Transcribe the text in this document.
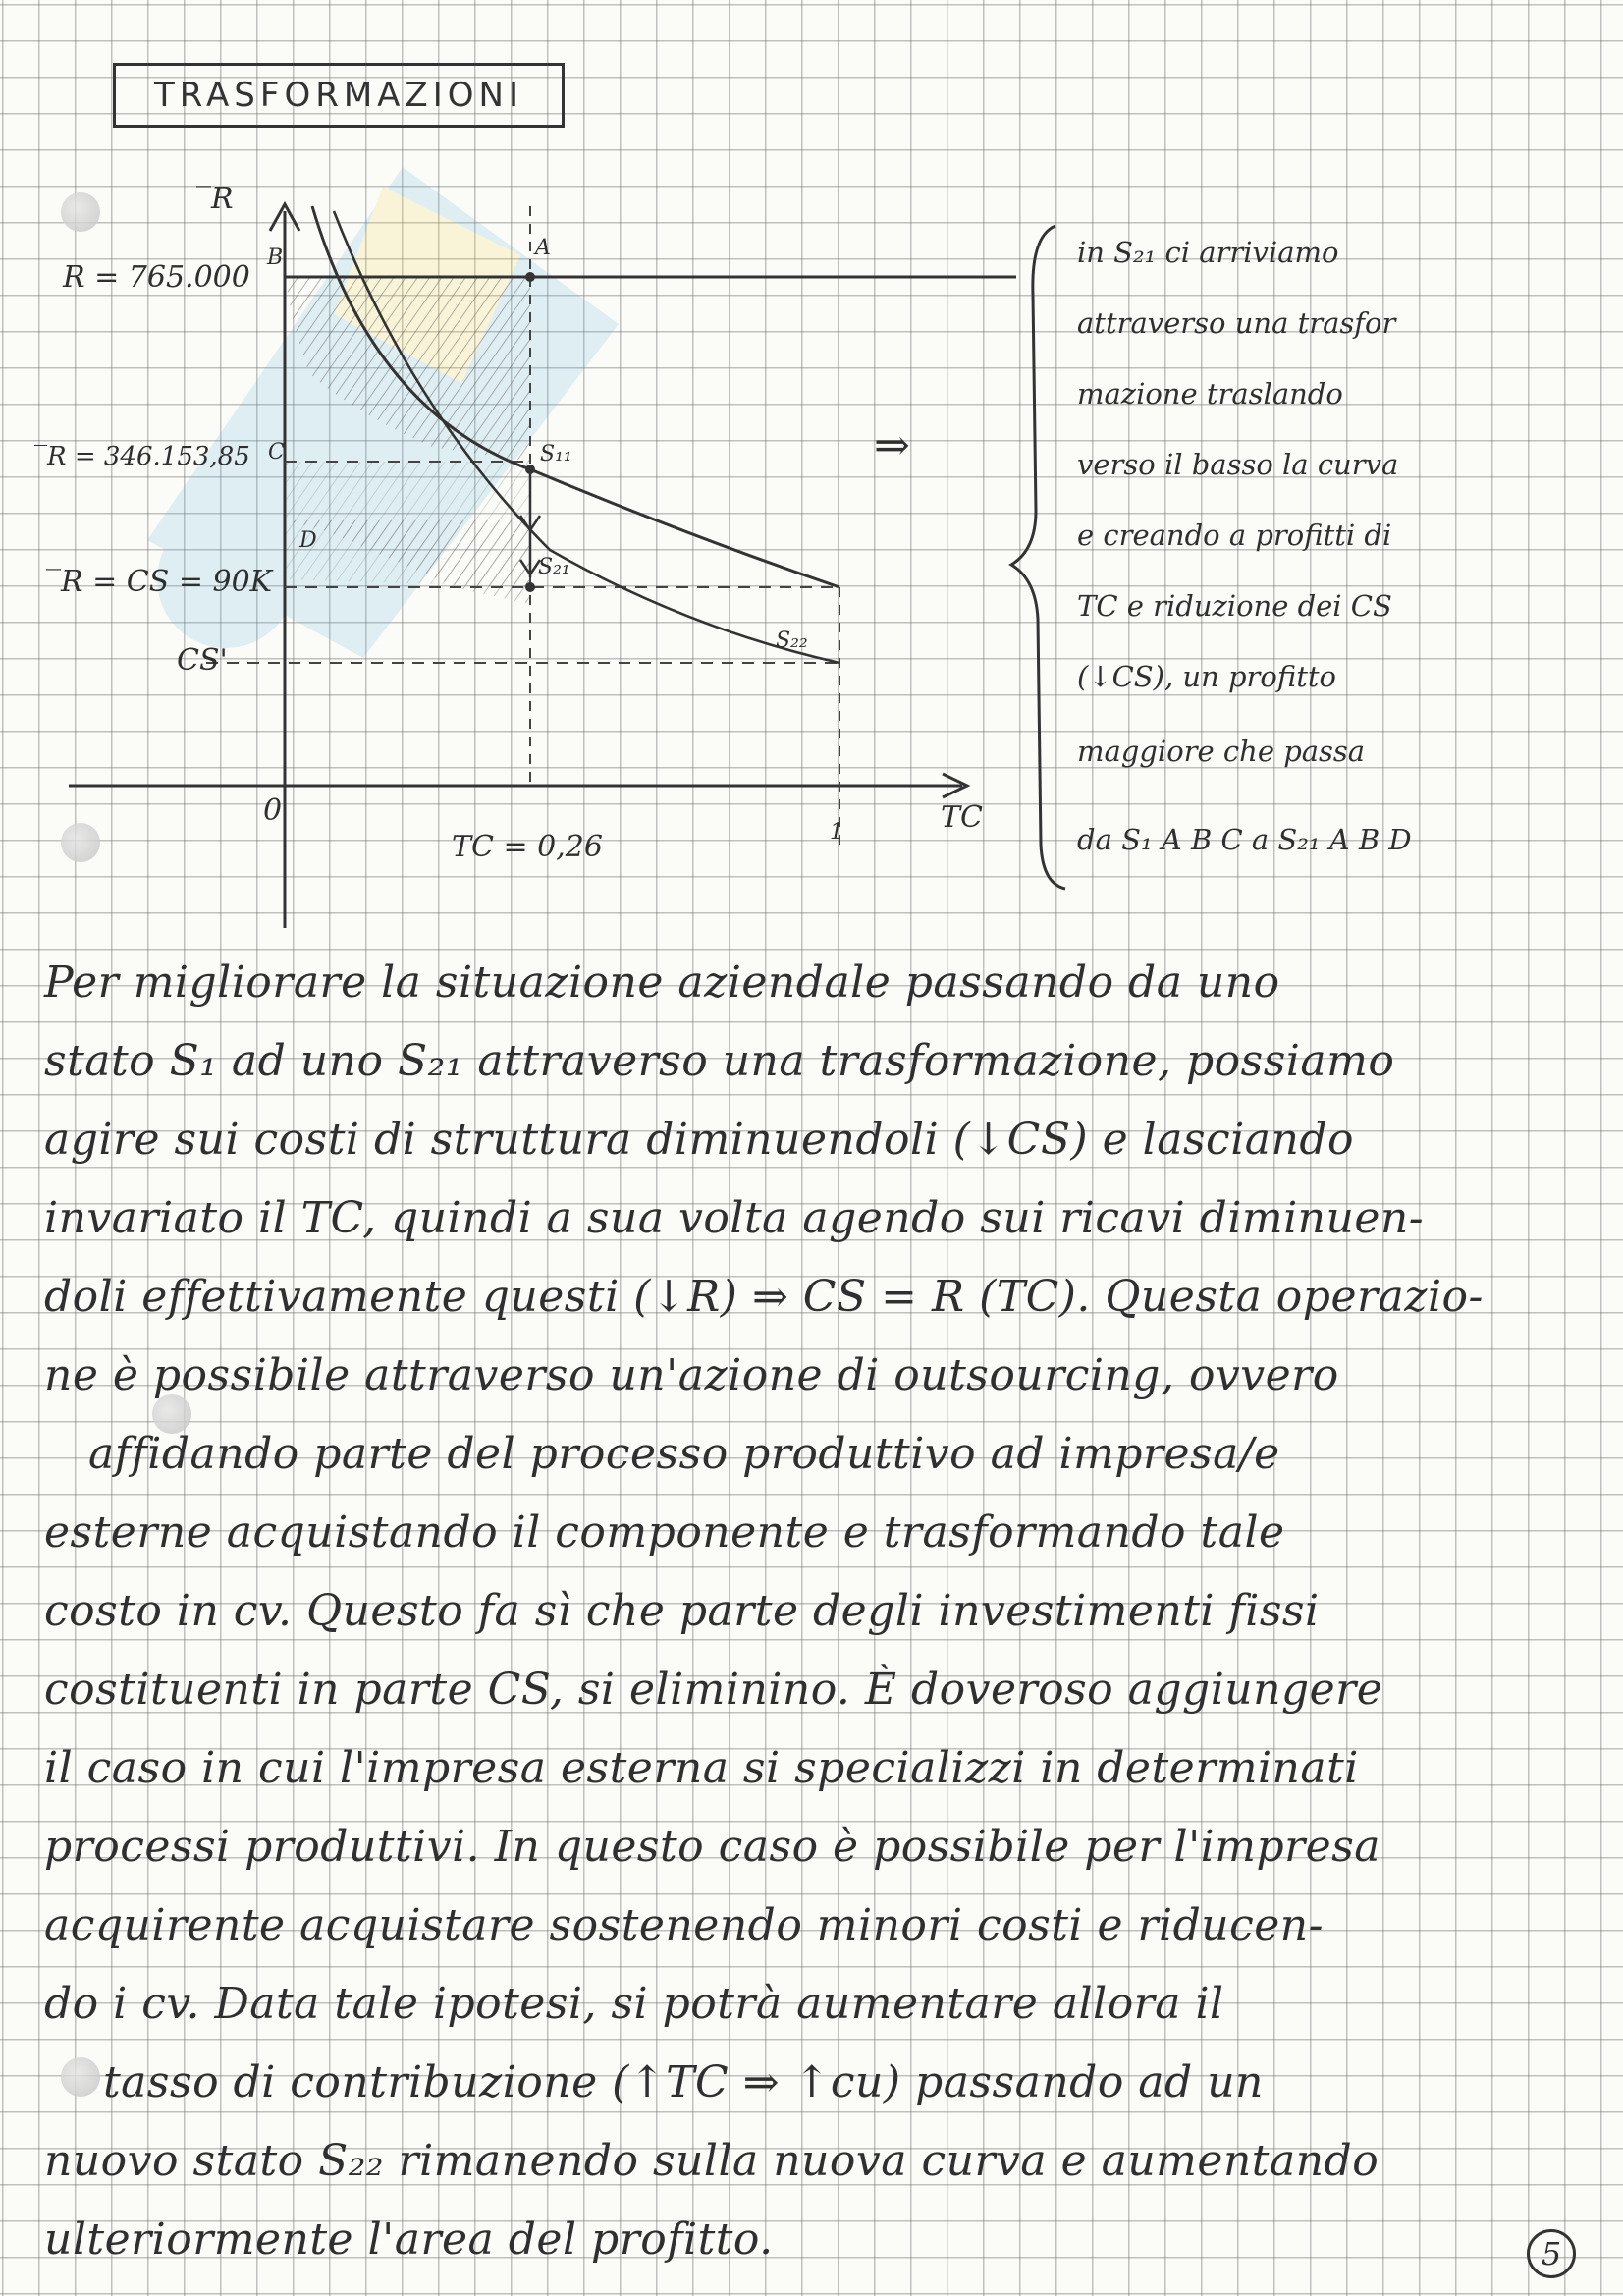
TRASFORMAZIONI
̅R
TC
0
R = 765.000
B	A
̅R = 346.153,85 C
D
̅R = CS = 90K
CS'
S₁₁
S₂₁
S₂₂
TC = 0,26	1
⇒
in S₂₁ ci arriviamo
attraverso una trasfor
mazione traslando
verso il basso la curva
e creando a profitti di
TC e riduzione dei CS
(↓CS), un profitto
maggiore che passa
da S₁ A B C a S₂₁ A B D
Per migliorare la situazione aziendale passando da uno
stato S₁ ad uno S₂₁ attraverso una trasformazione, possiamo
agire sui costi di struttura diminuendoli (↓CS) e lasciando
invariato il TC, quindi a sua volta agendo sui ricavi diminuen-
doli effettivamente questi (↓R) ⇒ CS = R (TC). Questa operazio-
ne è possibile attraverso un'azione di outsourcing, ovvero
affidando parte del processo produttivo ad impresa/e
esterne acquistando il componente e trasformando tale
costo in cv. Questo fa sì che parte degli investimenti fissi
costituenti in parte CS, si eliminino. È doveroso aggiungere
il caso in cui l'impresa esterna si specializzi in determinati
processi produttivi. In questo caso è possibile per l'impresa
acquirente acquistare sostenendo minori costi e riducen-
do i cv. Data tale ipotesi, si potrà aumentare allora il
tasso di contribuzione (↑TC ⇒ ↑cu) passando ad un
nuovo stato S₂₂ rimanendo sulla nuova curva e aumentando
ulteriormente l'area del profitto.	5
